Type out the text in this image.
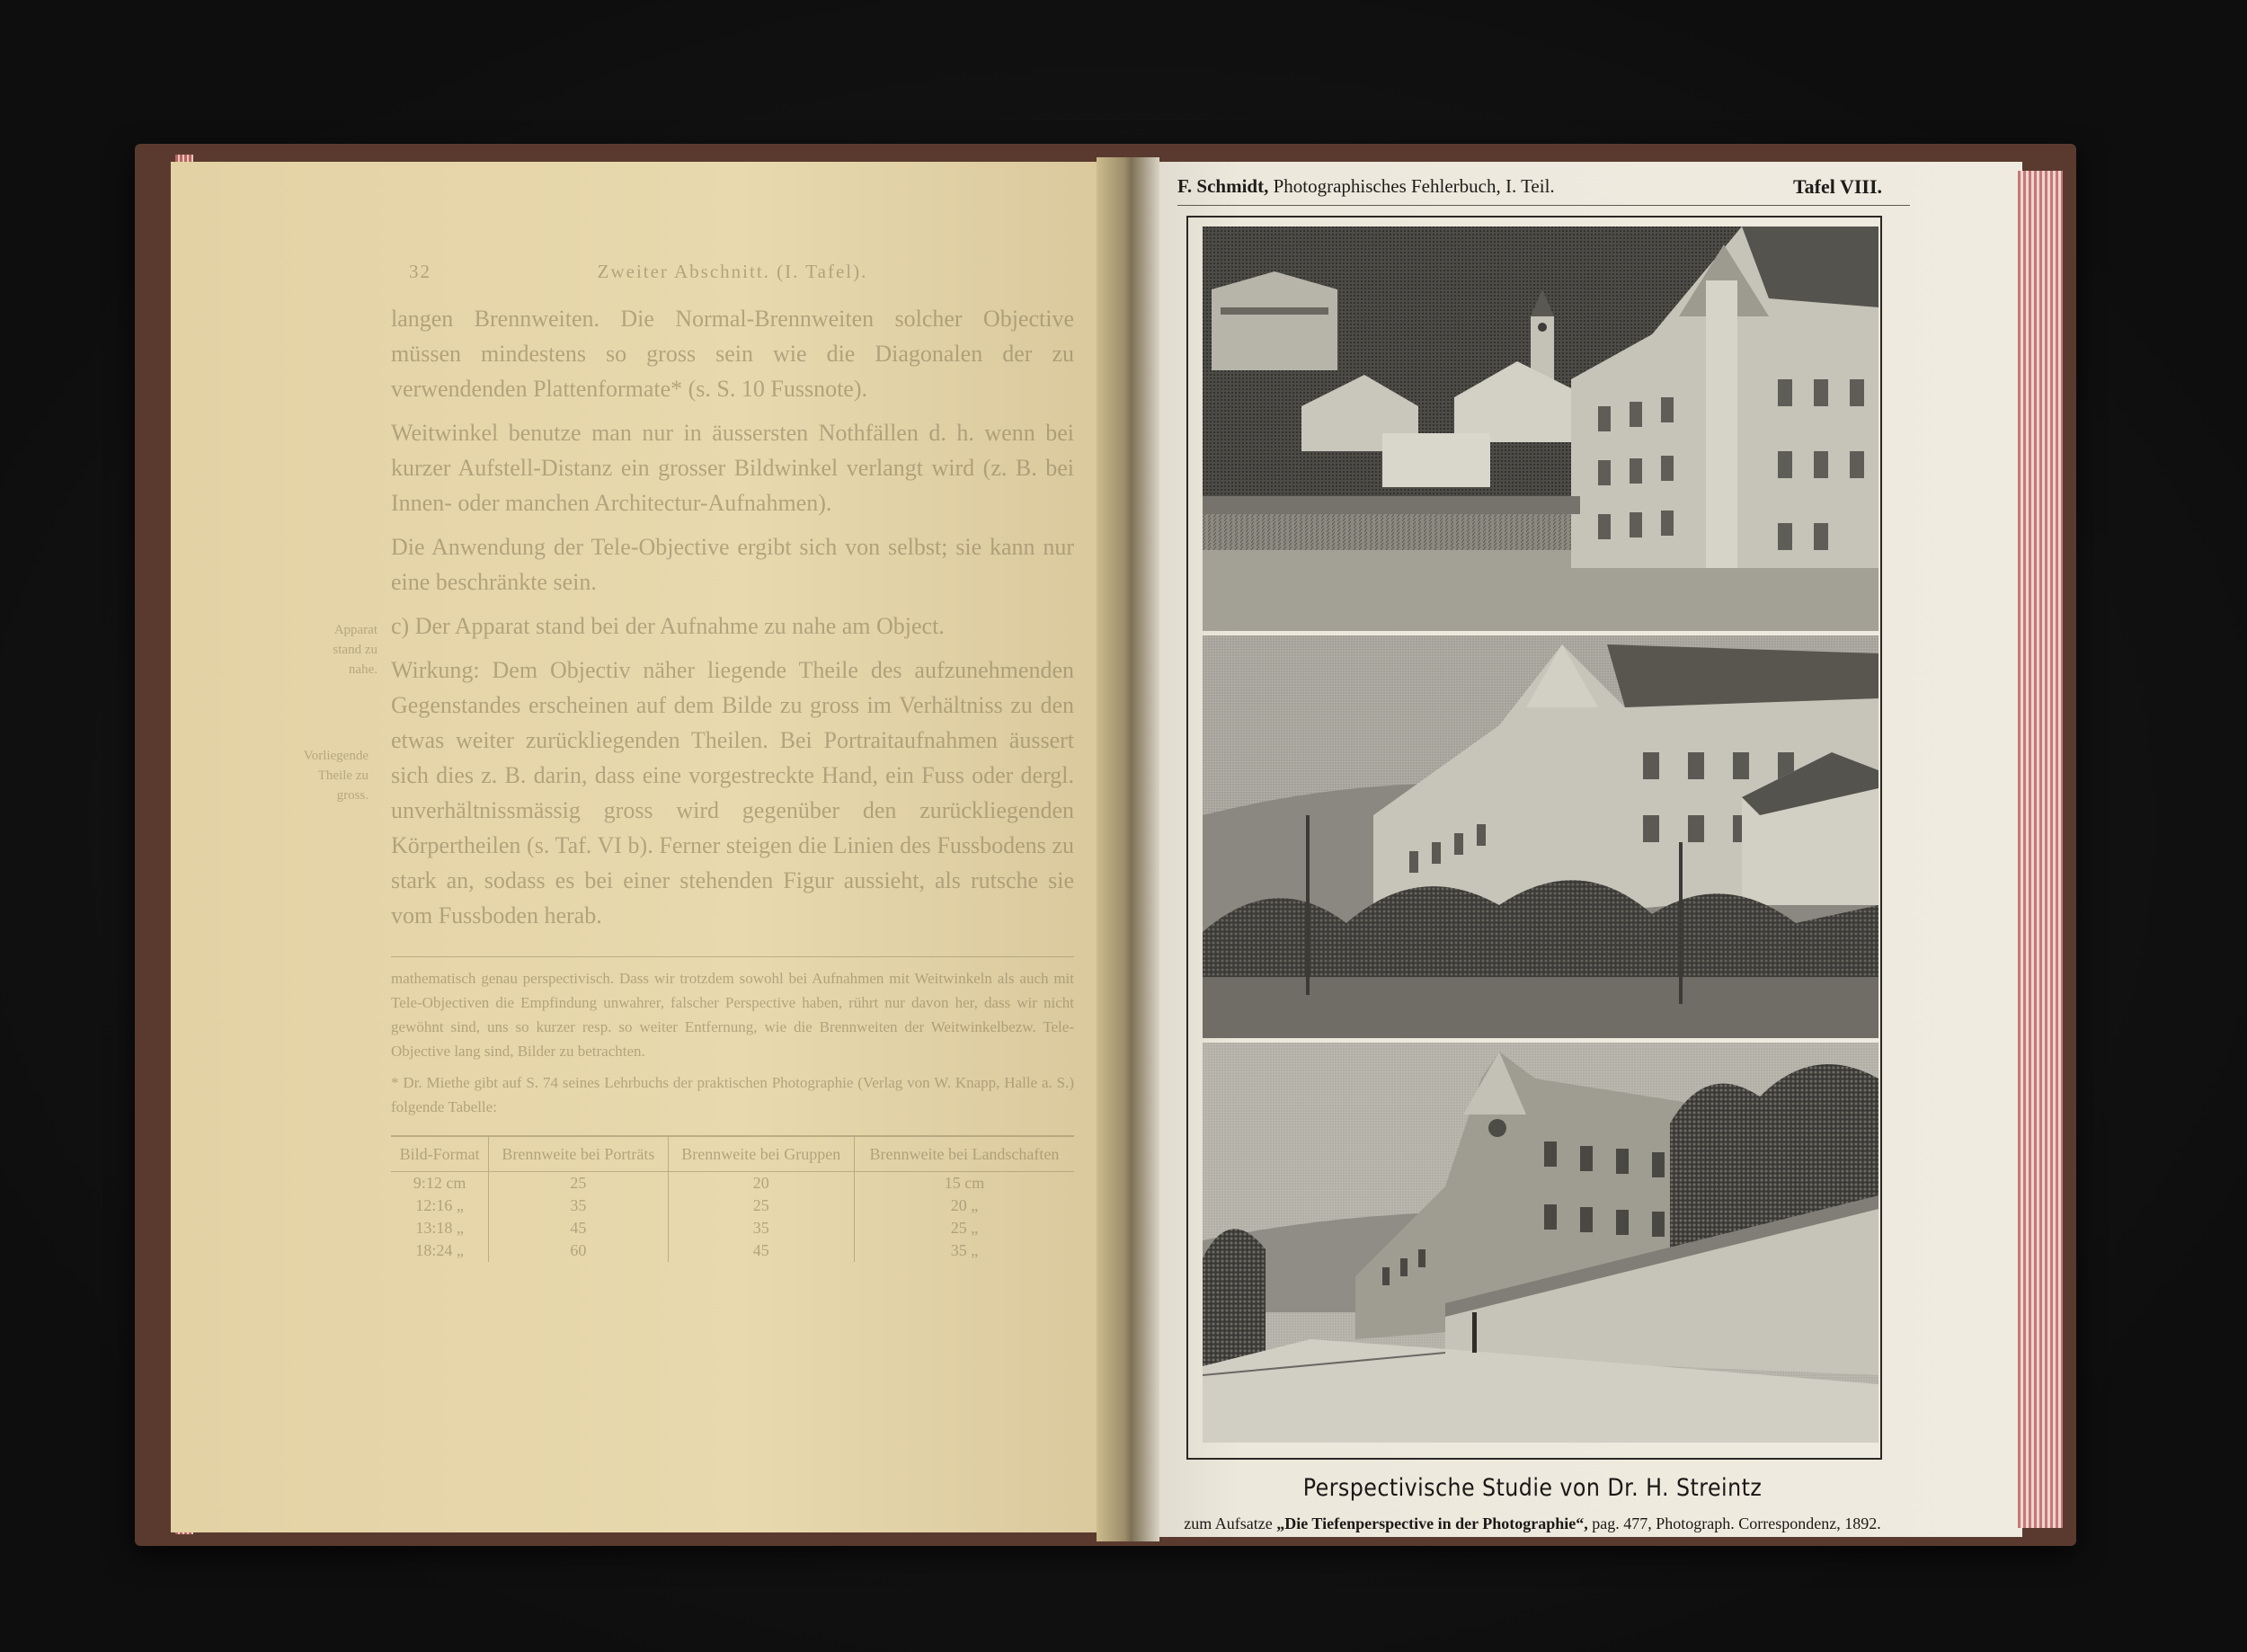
32	Zweiter Abschnitt. (I. Tafel).

langen Brennweiten. Die Normal-Brennweiten solcher Objective müssen mindestens so gross sein wie die Diagonalen der zu verwendenden Plattenformate* (s. S. 10 Fussnote).

Weitwinkel benutze man nur in äussersten Nothfällen d. h. wenn bei kurzer Aufstell-Distanz ein grosser Bildwinkel verlangt wird (z. B. bei Innen- oder manchen Architectur-Aufnahmen).

Die Anwendung der Tele-Objective ergibt sich von selbst; sie kann nur eine beschränkte sein.

c) Der Apparat stand bei der Aufnahme zu nahe am Object.

Wirkung: Dem Objectiv näher liegende Theile des aufzunehmenden Gegenstandes erscheinen auf dem Bilde zu gross im Verhältniss zu den etwas weiter zurückliegenden Theilen. Bei Portraitaufnahmen äussert sich dies z. B. darin, dass eine vorgestreckte Hand, ein Fuss oder dergl. unverhältnissmässig gross wird gegenüber den zurückliegenden Körpertheilen (s. Taf. VI b). Ferner steigen die Linien des Fussbodens zu stark an, sodass es bei einer stehenden Figur aussieht, als rutsche sie vom Fussboden herab.

mathematisch genau perspectivisch. Dass wir trotzdem sowohl bei Aufnahmen mit Weitwinkeln als auch mit Tele-Objectiven die Empfindung unwahrer, falscher Perspective haben, rührt nur davon her, dass wir nicht gewöhnt sind, uns so kurzer resp. so weiter Entfernung, wie die Brennweiten der Weitwinkelbezw. Tele-Objective lang sind, Bilder zu betrachten.
* Dr. Miethe gibt auf S. 74 seines Lehrbuchs der praktischen Photographie (Verlag von W. Knapp, Halle a. S.) folgende Tabelle:
Bild-Format	Brennweite bei Porträts	Brennweite bei Gruppen	Brennweite bei Landschaften
9:12 cm	25	20	15 cm
12:16 „	35	25	20 „
13:18 „	45	35	25 „
18:24 „	60	45	35 „
Apparat stand zu nahe.
Vorliegende Theile zu gross.
F. Schmidt, Photographisches Fehlerbuch, I. Teil.	Tafel VIII.
Perspectivische Studie von Dr. H. Streintz
zum Aufsatze „Die Tiefenperspective in der Photographie“, pag. 477, Photograph. Correspondenz, 1892.
